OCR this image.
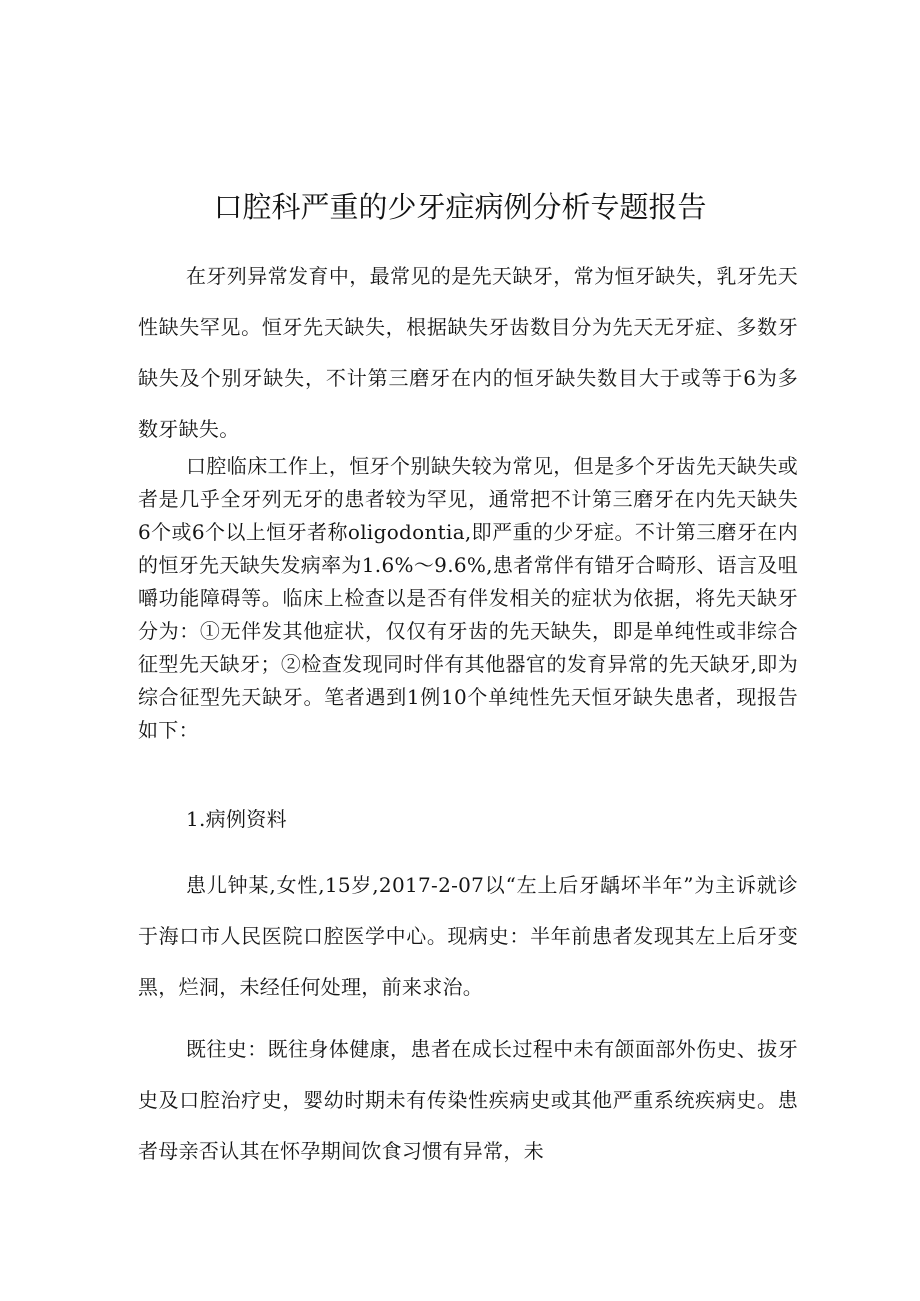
口腔科严重的少牙症病例分析专题报告

在牙列异常发育中，最常见的是先天缺牙，常为恒牙缺失，乳牙先天性缺失罕见。恒牙先天缺失，根据缺失牙齿数目分为先天无牙症、多数牙缺失及个别牙缺失，不计第三磨牙在内的恒牙缺失数目大于或等于6为多数牙缺失。

口腔临床工作上，恒牙个别缺失较为常见，但是多个牙齿先天缺失或者是几乎全牙列无牙的患者较为罕见，通常把不计第三磨牙在内先天缺失6个或6个以上恒牙者称oligodontia,即严重的少牙症。不计第三磨牙在内的恒牙先天缺失发病率为1.6%〜9.6%,患者常伴有错牙合畸形、语言及咀嚼功能障碍等。临床上检查以是否有伴发相关的症状为依据，将先天缺牙分为：①无伴发其他症状，仅仅有牙齿的先天缺失，即是单纯性或非综合征型先天缺牙；②检查发现同时伴有其他器官的发育异常的先天缺牙,即为综合征型先天缺牙。笔者遇到1例10个单纯性先天恒牙缺失患者，现报告如下：

1.病例资料

患儿钟某,女性,15岁,2017-2-07以“左上后牙龋坏半年”为主诉就诊于海口市人民医院口腔医学中心。现病史：半年前患者发现其左上后牙变黑，烂洞，未经任何处理，前来求治。

既往史：既往身体健康，患者在成长过程中未有颌面部外伤史、拔牙史及口腔治疗史，婴幼时期未有传染性疾病史或其他严重系统疾病史。患者母亲否认其在怀孕期间饮食习惯有异常，未
